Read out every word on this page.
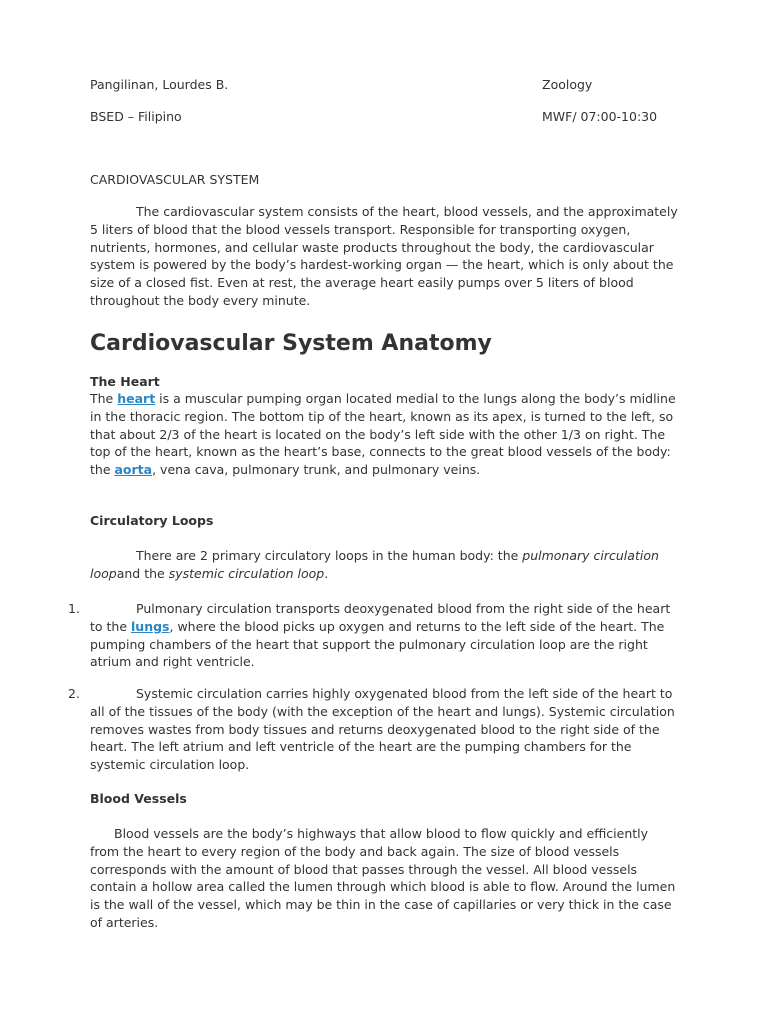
Pangilinan, Lourdes B.	Zoology
BSED – Filipino	MWF/ 07:00-10:30
CARDIOVASCULAR SYSTEM

The cardiovascular system consists of the heart, blood vessels, and the approximately 5 liters of blood that the blood vessels transport. Responsible for transporting oxygen, nutrients, hormones, and cellular waste products throughout the body, the cardiovascular system is powered by the body’s hardest-working organ — the heart, which is only about the size of a closed fist. Even at rest, the average heart easily pumps over 5 liters of blood throughout the body every minute.

Cardiovascular System Anatomy
The Heart

The heart is a muscular pumping organ located medial to the lungs along the body’s midline in the thoracic region. The bottom tip of the heart, known as its apex, is turned to the left, so that about 2/3 of the heart is located on the body’s left side with the other 1/3 on right. The top of the heart, known as the heart’s base, connects to the great blood vessels of the body: the aorta, vena cava, pulmonary trunk, and pulmonary veins.

Circulatory Loops

There are 2 primary circulatory loops in the human body: the pulmonary circulation loopand the systemic circulation loop.

1.	Pulmonary circulation transports deoxygenated blood from the right side of the heart to the lungs, where the blood picks up oxygen and returns to the left side of the heart. The pumping chambers of the heart that support the pulmonary circulation loop are the right atrium and right ventricle.

2.	Systemic circulation carries highly oxygenated blood from the left side of the heart to all of the tissues of the body (with the exception of the heart and lungs). Systemic circulation removes wastes from body tissues and returns deoxygenated blood to the right side of the heart. The left atrium and left ventricle of the heart are the pumping chambers for the systemic circulation loop.

Blood Vessels

Blood vessels are the body’s highways that allow blood to flow quickly and efficiently from the heart to every region of the body and back again. The size of blood vessels corresponds with the amount of blood that passes through the vessel. All blood vessels contain a hollow area called the lumen through which blood is able to flow. Around the lumen is the wall of the vessel, which may be thin in the case of capillaries or very thick in the case of arteries.
